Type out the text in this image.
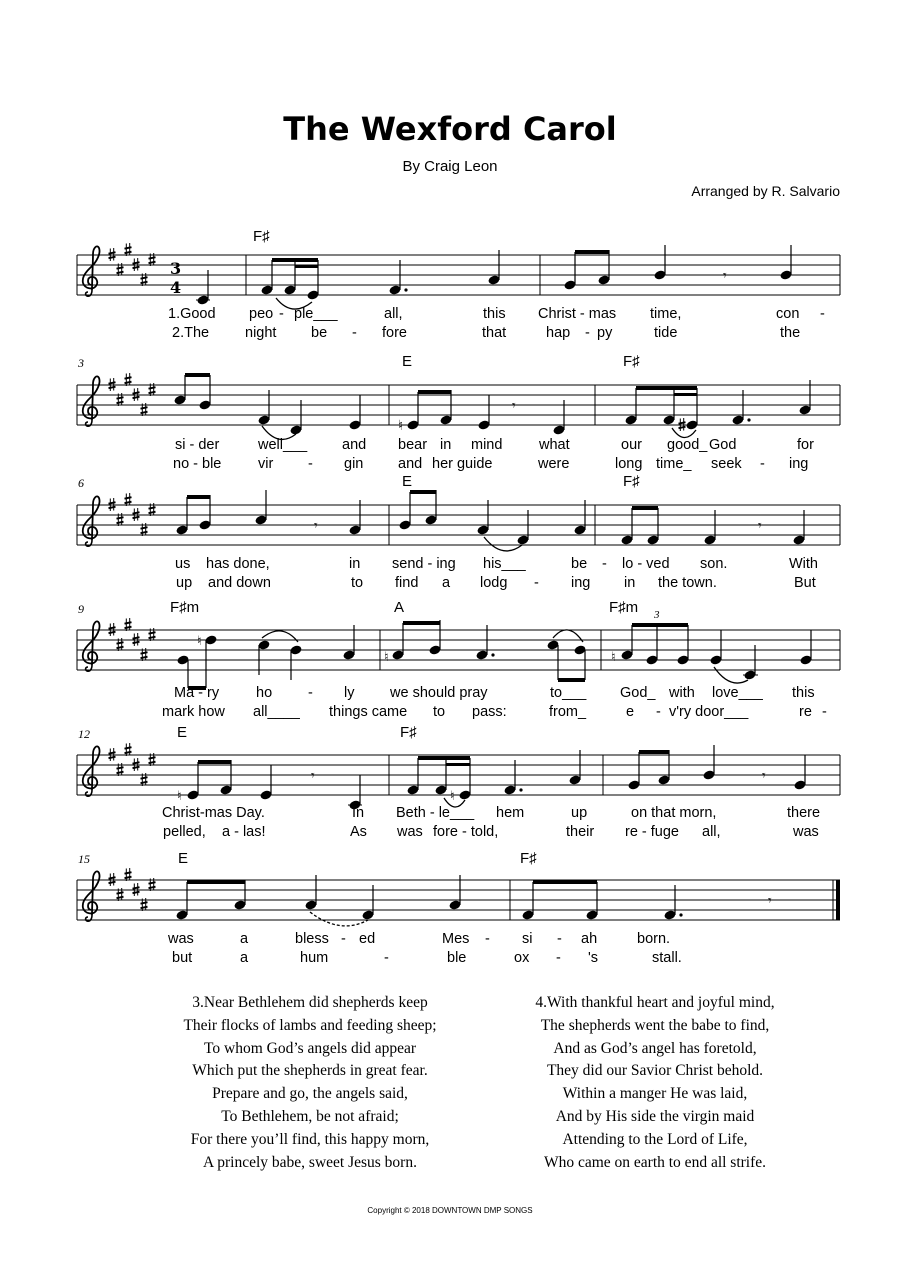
The Wexford Carol
By Craig Leon
Arranged by R. Salvario
3
4
𝄾
F♯
1.Good peo - ple___	all,	this Christ - mas time,	con -
2.The night be - fore	that	hap - py	tide	the
3
♮
𝄾
E	F♯
si - der	well___ and bear in mind	what	our good_ God	for
no - ble	vir - gin and her guide	were	long time_ seek - ing
6
𝄾	𝄾
E	F♯
us has done,	in send - ing his___	be - lo - ved son.	With
up and down	to find a lodg - ing in the town.	But
9
♮
♮	♮
3
F♯m	A	F♯m
Ma - ry	ho - ly we should pray	to___ God_ with love___ this
mark how all____ things came to pass:	from_	e - v'ry door___	re -
12
♮
𝄾
♮
𝄾
E	F♯
Christ-mas Day.	In Beth - le___ hem	up	on that morn,	there
pelled, a - las!	As was fore - told,	their re - fuge all,	was
15
𝄾
E	F♯
was	a	bless - ed	Mes - si - ah	born.
but	a	hum	-	ble	ox - 's	stall.
3.Near Bethlehem did shepherds keep
Their flocks of lambs and feeding sheep;
To whom God’s angels did appear
Which put the shepherds in great fear.
Prepare and go, the angels said,
To Bethlehem, be not afraid;
For there you’ll find, this happy morn,
A princely babe, sweet Jesus born.
4.With thankful heart and joyful mind,
The shepherds went the babe to find,
And as God’s angel has foretold,
They did our Savior Christ behold.
Within a manger He was laid,
And by His side the virgin maid
Attending to the Lord of Life,
Who came on earth to end all strife.
Copyright © 2018 DOWNTOWN DMP SONGS
